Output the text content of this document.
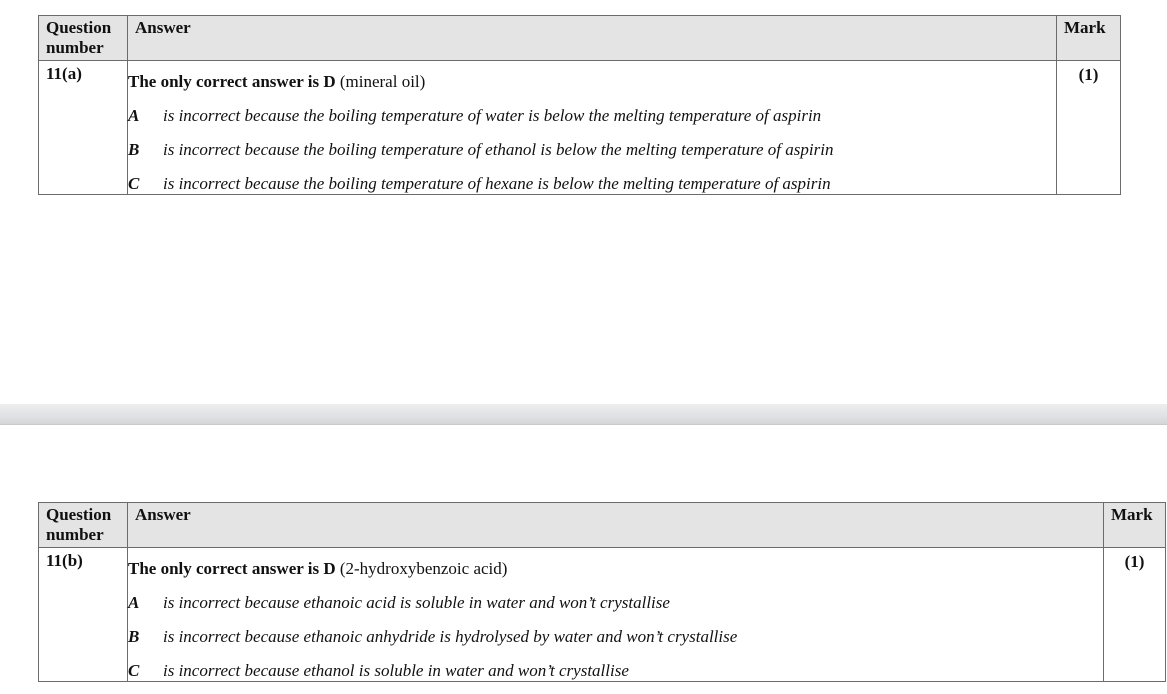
Question number	Answer	Mark

11(a)	The only correct answer is D (mineral oil)
A is incorrect because the boiling temperature of water is below the melting temperature of aspirin
B is incorrect because the boiling temperature of ethanol is below the melting temperature of aspirin
C is incorrect because the boiling temperature of hexane is below the melting temperature of aspirin	(1)
Question number	Answer	Mark

11(b)	The only correct answer is D (2-hydroxybenzoic acid)
A is incorrect because ethanoic acid is soluble in water and won’t crystallise
B is incorrect because ethanoic anhydride is hydrolysed by water and won’t crystallise
C is incorrect because ethanol is soluble in water and won’t crystallise	(1)
